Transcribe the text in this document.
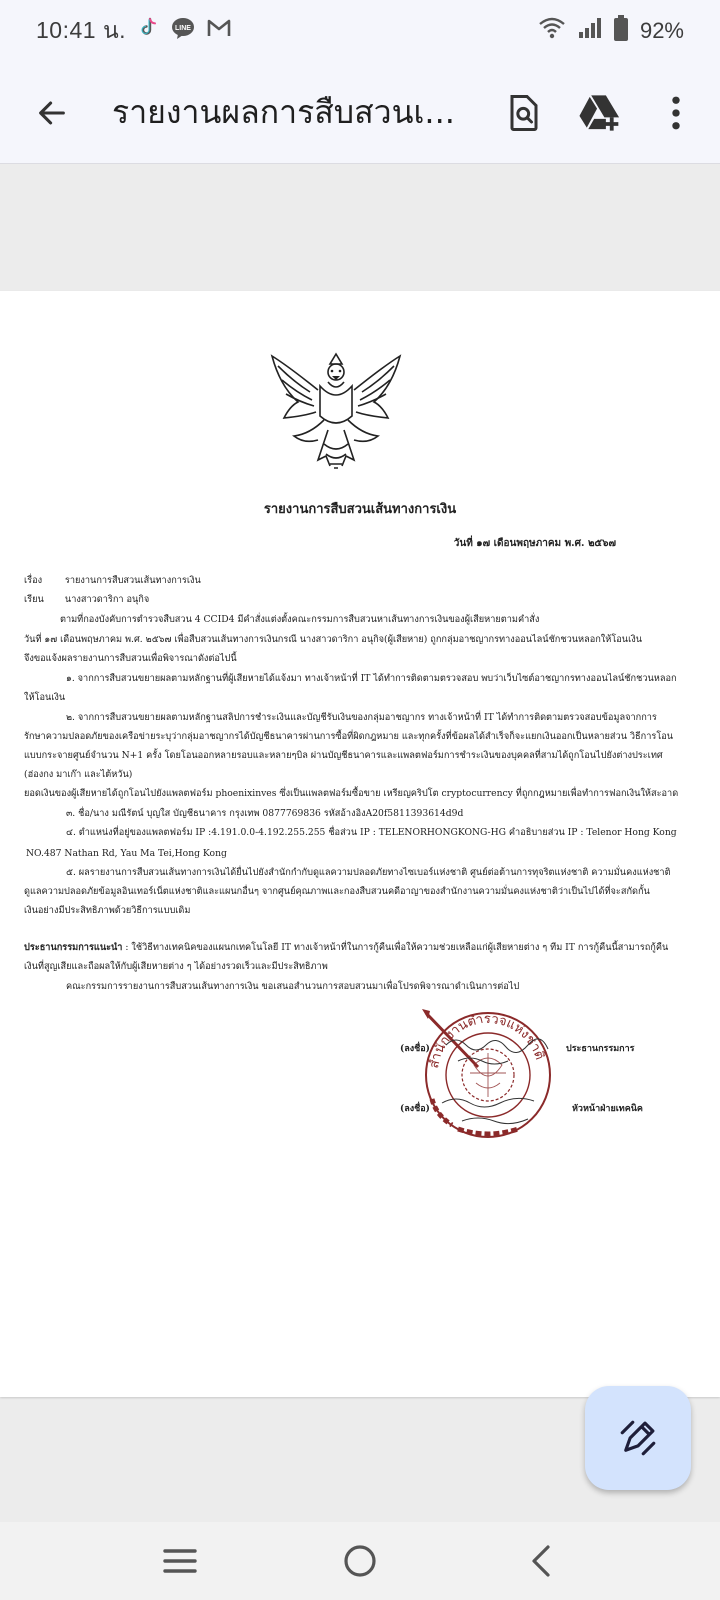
10:41 น.	LINE	92%
รายงานผลการสืบสวนเ...
รายงานการสืบสวนเส้นทางการเงิน
วันที่ ๑๗ เดือนพฤษภาคม พ.ศ. ๒๕๖๗
เรื่อง รายงานการสืบสวนเส้นทางการเงิน
เรียน นางสาวดาริกา อนุกิจ
ตามที่กองบังคับการตำรวจสืบสวน 4 CCID4 มีคำสั่งแต่งตั้งคณะกรรมการสืบสวนหาเส้นทางการเงินของผู้เสียหายตามคำสั่ง
วันที่ ๑๗ เดือนพฤษภาคม พ.ศ. ๒๕๖๗ เพื่อสืบสวนเส้นทางการเงินกรณี นางสาวดาริกา อนุกิจ(ผู้เสียหาย) ถูกกลุ่มอาชญากรทางออนไลน์ชักชวนหลอกให้โอนเงิน
จึงขอแจ้งผลรายงานการสืบสวนเพื่อพิจารณาดังต่อไปนี้
๑. จากการสืบสวนขยายผลตามหลักฐานที่ผู้เสียหายได้แจ้งมา ทางเจ้าหน้าที่ IT ได้ทำการติดตามตรวจสอบ พบว่าเว็บไซต์อาชญากรทางออนไลน์ชักชวนหลอก
ให้โอนเงิน
๒. จากการสืบสวนขยายผลตามหลักฐานสลิปการชำระเงินและบัญชีรับเงินของกลุ่มอาชญากร ทางเจ้าหน้าที่ IT ได้ทำการติดตามตรวจสอบข้อมูลจากการ
รักษาความปลอดภัยของเครือข่ายระบุว่ากลุ่มอาชญากรได้บัญชีธนาคารผ่านการซื้อที่ผิดกฎหมาย และทุกครั้งที่ข้อผลได้สำเร็จก็จะแยกเงินออกเป็นหลายส่วน วิธีการโอน
แบบกระจายศูนย์จำนวน N+1 ครั้ง โดยโอนออกหลายรอบและหลายๆบิล ผ่านบัญชีธนาคารและแพลตฟอร์มการชำระเงินของบุคคลที่สามได้ถูกโอนไปยังต่างประเทศ
(ฮ่องกง มาเก๊า และไต้หวัน)
ยอดเงินของผู้เสียหายได้ถูกโอนไปยังแพลตฟอร์ม phoenixinves ซึ่งเป็นแพลตฟอร์มซื้อขาย เหรียญคริปโต cryptocurrency ที่ถูกกฎหมายเพื่อทำการฟอกเงินให้สะอาด
๓. ชื่อ/นาง มณีรัตน์ บุญใส บัญชีธนาคาร กรุงเทพ 0877769836 รหัสอ้างอิงA20f5811393614d9d
๔. ตำแหน่งที่อยู่ของแพลตฟอร์ม IP :4.191.0.0-4.192.255.255 ชื่อส่วน IP : TELENORHONGKONG-HG คำอธิบายส่วน IP : Telenor Hong Kong
NO.487 Nathan Rd, Yau Ma Tei,Hong Kong
๕. ผลรายงานการสืบสวนเส้นทางการเงินได้ยื่นไปยังสำนักกำกับดูแลความปลอดภัยทางไซเบอร์แห่งชาติ ศูนย์ต่อต้านการทุจริตแห่งชาติ ความมั่นคงแห่งชาติ
ดูแลความปลอดภัยข้อมูลอินเทอร์เน็ตแห่งชาติและแผนกอื่นๆ จากศูนย์คุณภาพและกองสืบสวนคดีอาญาของสำนักงานความมั่นคงแห่งชาติว่าเป็นไปได้ที่จะสกัดกั้น
เงินอย่างมีประสิทธิภาพด้วยวิธีการแบบเดิม
ประธานกรรมการแนะนำ : ใช้วิธีทางเทคนิคของแผนกเทคโนโลยี IT ทางเจ้าหน้าที่ในการกู้คืนเพื่อให้ความช่วยเหลือแก่ผู้เสียหายต่าง ๆ ทีม IT การกู้คืนนี้สามารถกู้คืน
เงินที่สูญเสียและถือผลให้กับผู้เสียหายต่าง ๆ ได้อย่างรวดเร็วและมีประสิทธิภาพ
คณะกรรมการรายงานการสืบสวนเส้นทางการเงิน ขอเสนอสำนวนการสอบสวนมาเพื่อโปรดพิจารณาดำเนินการต่อไป
สำนักงานตำรวจแห่งชาติ
(ลงชื่อ)	ประธานกรรมการ
(ลงชื่อ)	หัวหน้าฝ่ายเทคนิค
